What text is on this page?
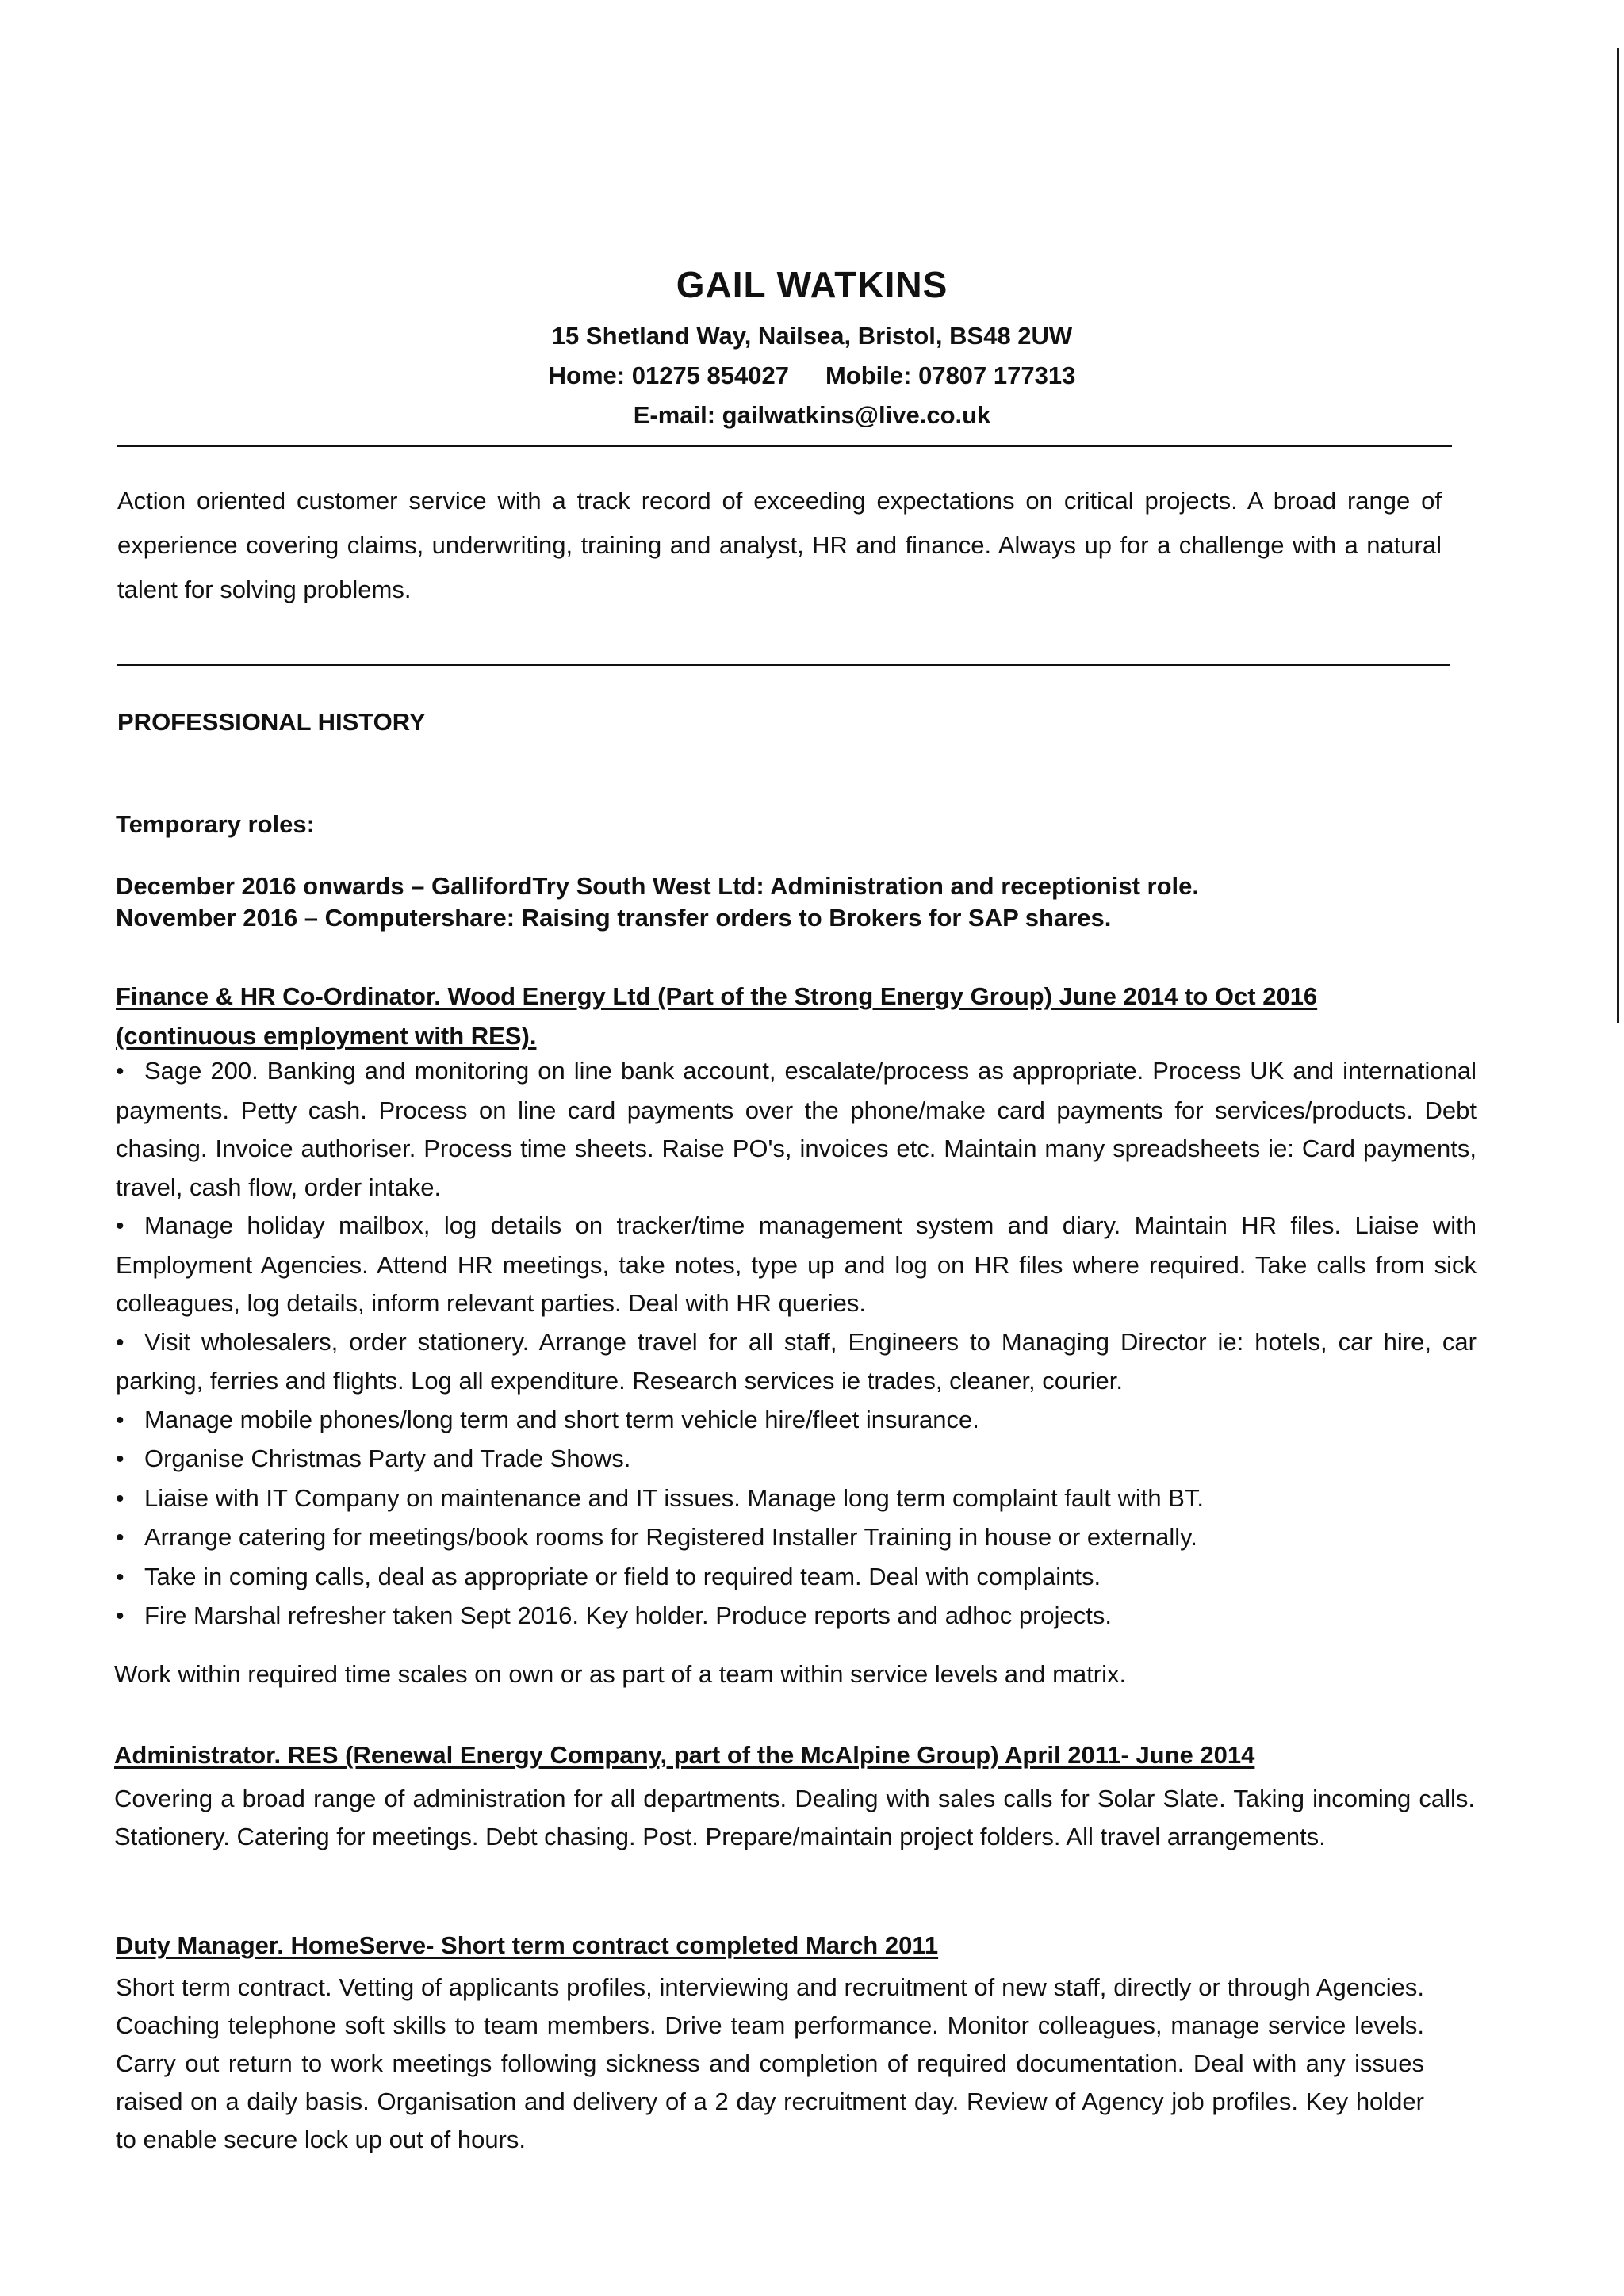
GAIL WATKINS
15 Shetland Way, Nailsea, Bristol, BS48 2UW
Home: 01275 854027 Mobile: 07807 177313
E-mail: gailwatkins@live.co.uk
Action oriented customer service with a track record of exceeding expectations on critical projects. A broad range of experience covering claims, underwriting, training and analyst, HR and finance. Always up for a challenge with a natural talent for solving problems.
PROFESSIONAL HISTORY
Temporary roles:
December 2016 onwards – GallifordTry South West Ltd: Administration and receptionist role.
November 2016 – Computershare: Raising transfer orders to Brokers for SAP shares.
Finance & HR Co-Ordinator. Wood Energy Ltd (Part of the Strong Energy Group) June 2014 to Oct 2016 (continuous employment with RES).
• Sage 200. Banking and monitoring on line bank account, escalate/process as appropriate. Process UK and international payments. Petty cash. Process on line card payments over the phone/make card payments for services/products. Debt chasing. Invoice authoriser. Process time sheets. Raise PO's, invoices etc. Maintain many spreadsheets ie: Card payments, travel, cash flow, order intake.
• Manage holiday mailbox, log details on tracker/time management system and diary. Maintain HR files. Liaise with Employment Agencies. Attend HR meetings, take notes, type up and log on HR files where required. Take calls from sick colleagues, log details, inform relevant parties. Deal with HR queries.
• Visit wholesalers, order stationery. Arrange travel for all staff, Engineers to Managing Director ie: hotels, car hire, car parking, ferries and flights. Log all expenditure. Research services ie trades, cleaner, courier.
• Manage mobile phones/long term and short term vehicle hire/fleet insurance.
• Organise Christmas Party and Trade Shows.
• Liaise with IT Company on maintenance and IT issues. Manage long term complaint fault with BT.
• Arrange catering for meetings/book rooms for Registered Installer Training in house or externally.
• Take in coming calls, deal as appropriate or field to required team. Deal with complaints.
• Fire Marshal refresher taken Sept 2016. Key holder. Produce reports and adhoc projects.
Work within required time scales on own or as part of a team within service levels and matrix.
Administrator. RES (Renewal Energy Company, part of the McAlpine Group) April 2011- June 2014
Covering a broad range of administration for all departments. Dealing with sales calls for Solar Slate. Taking incoming calls. Stationery. Catering for meetings. Debt chasing. Post. Prepare/maintain project folders. All travel arrangements.
Duty Manager. HomeServe- Short term contract completed March 2011
Short term contract. Vetting of applicants profiles, interviewing and recruitment of new staff, directly or through Agencies. Coaching telephone soft skills to team members. Drive team performance. Monitor colleagues, manage service levels. Carry out return to work meetings following sickness and completion of required documentation. Deal with any issues raised on a daily basis. Organisation and delivery of a 2 day recruitment day. Review of Agency job profiles. Key holder to enable secure lock up out of hours.
